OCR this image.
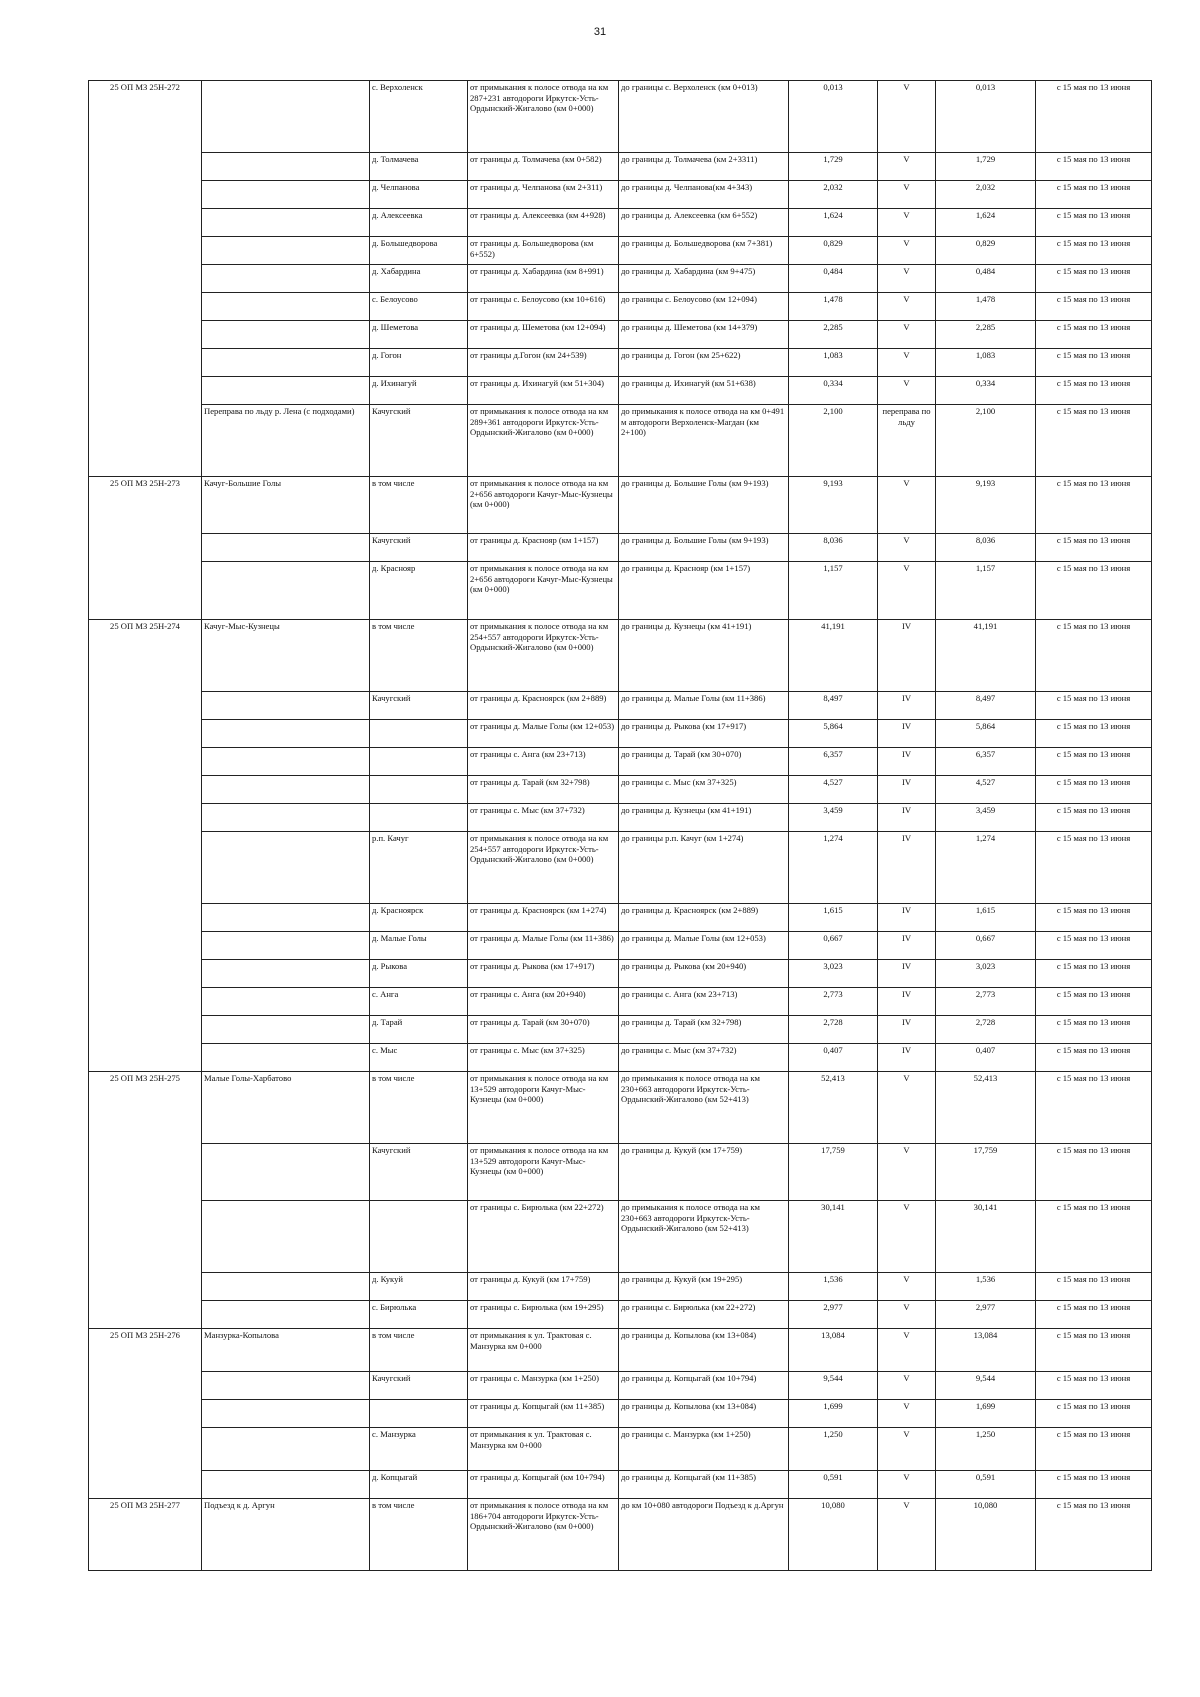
31
25 ОП МЗ 25Н-272		с. Верхоленск	от примыкания к полосе отвода на км 287+231 автодороги Иркутск-Усть-Ордынский-Жигалово (км 0+000)	до границы с. Верхоленск (км 0+013)	0,013	V	0,013	с 15 мая по 13 июня
		д. Толмачева	от границы д. Толмачева (км 0+582)	до границы д. Толмачева (км 2+3311)	1,729	V	1,729	с 15 мая по 13 июня
		д. Челпанова	от границы д. Челпанова (км 2+311)	до границы д. Челпанова(км 4+343)	2,032	V	2,032	с 15 мая по 13 июня
		д. Алексеевка	от границы д. Алексеевка (км 4+928)	до границы д. Алексеевка (км 6+552)	1,624	V	1,624	с 15 мая по 13 июня
		д. Большедворова	от границы д. Большедворова (км 6+552)	до границы д. Большедворова (км 7+381)	0,829	V	0,829	с 15 мая по 13 июня
		д. Хабардина	от границы д. Хабардина (км 8+991)	до границы д. Хабардина (км 9+475)	0,484	V	0,484	с 15 мая по 13 июня
		с. Белоусово	от границы с. Белоусово (км 10+616)	до границы с. Белоусово (км 12+094)	1,478	V	1,478	с 15 мая по 13 июня
		д. Шеметова	от границы д. Шеметова (км 12+094)	до границы д. Шеметова (км 14+379)	2,285	V	2,285	с 15 мая по 13 июня
		д. Гогон	от границы д.Гогон (км 24+539)	до границы д. Гогон (км 25+622)	1,083	V	1,083	с 15 мая по 13 июня
		д. Ихинагуй	от границы д. Ихинагуй (км 51+304)	до границы д. Ихинагуй (км 51+638)	0,334	V	0,334	с 15 мая по 13 июня
	Переправа по льду р. Лена (с подходами)	Качугский	от примыкания к полосе отвода на км 289+361 автодороги Иркутск-Усть-Ордынский-Жигалово (км 0+000)	до примыкания к полосе отвода на км 0+491 м автодороги Верхоленск-Магдан (км 2+100)	2,100	переправа по льду	2,100	с 15 мая по 13 июня
25 ОП МЗ 25Н-273	Качуг-Большие Голы	в том числе	от примыкания к полосе отвода на км 2+656 автодороги Качуг-Мыс-Кузнецы (км 0+000)	до границы д. Большие Голы (км 9+193)	9,193	V	9,193	с 15 мая по 13 июня
		Качугский	от границы д. Краснояр (км 1+157)	до границы д. Большие Голы (км 9+193)	8,036	V	8,036	с 15 мая по 13 июня
		д. Краснояр	от примыкания к полосе отвода на км 2+656 автодороги Качуг-Мыс-Кузнецы (км 0+000)	до границы д. Краснояр (км 1+157)	1,157	V	1,157	с 15 мая по 13 июня
25 ОП МЗ 25Н-274	Качуг-Мыс-Кузнецы	в том числе	от примыкания к полосе отвода на км 254+557 автодороги Иркутск-Усть-Ордынский-Жигалово (км 0+000)	до границы д. Кузнецы (км 41+191)	41,191	IV	41,191	с 15 мая по 13 июня
		Качугский	от границы д. Красноярск (км 2+889)	до границы д. Малые Голы (км 11+386)	8,497	IV	8,497	с 15 мая по 13 июня
			от границы д. Малые Голы (км 12+053)	до границы д. Рыкова (км 17+917)	5,864	IV	5,864	с 15 мая по 13 июня
			от границы с. Анга (км 23+713)	до границы д. Тарай (км 30+070)	6,357	IV	6,357	с 15 мая по 13 июня
			от границы д. Тарай (км 32+798)	до границы с. Мыс (км 37+325)	4,527	IV	4,527	с 15 мая по 13 июня
			от границы с. Мыс (км 37+732)	до границы д. Кузнецы (км 41+191)	3,459	IV	3,459	с 15 мая по 13 июня
		р.п. Качуг	от примыкания к полосе отвода на км 254+557 автодороги Иркутск-Усть-Ордынский-Жигалово (км 0+000)	до границы р.п. Качуг (км 1+274)	1,274	IV	1,274	с 15 мая по 13 июня
		д. Красноярск	от границы д. Красноярск (км 1+274)	до границы д. Красноярск (км 2+889)	1,615	IV	1,615	с 15 мая по 13 июня
		д. Малые Голы	от границы д. Малые Голы (км 11+386)	до границы д. Малые Голы (км 12+053)	0,667	IV	0,667	с 15 мая по 13 июня
		д. Рыкова	от границы д. Рыкова (км 17+917)	до границы д. Рыкова (км 20+940)	3,023	IV	3,023	с 15 мая по 13 июня
		с. Анга	от границы с. Анга (км 20+940)	до границы с. Анга (км 23+713)	2,773	IV	2,773	с 15 мая по 13 июня
		д. Тарай	от границы д. Тарай (км 30+070)	до границы д. Тарай (км 32+798)	2,728	IV	2,728	с 15 мая по 13 июня
		с. Мыс	от границы с. Мыс (км 37+325)	до границы с. Мыс (км 37+732)	0,407	IV	0,407	с 15 мая по 13 июня
25 ОП МЗ 25Н-275	Малые Голы-Харбатово	в том числе	от примыкания к полосе отвода на км 13+529 автодороги Качуг-Мыс-Кузнецы (км 0+000)	до примыкания к полосе отвода на км 230+663 автодороги Иркутск-Усть-Ордынский-Жигалово (км 52+413)	52,413	V	52,413	с 15 мая по 13 июня
		Качугский	от примыкания к полосе отвода на км 13+529 автодороги Качуг-Мыс-Кузнецы (км 0+000)	до границы д. Кукуй (км 17+759)	17,759	V	17,759	с 15 мая по 13 июня
			от границы с. Бирюлька (км 22+272)	до примыкания к полосе отвода на км 230+663 автодороги Иркутск-Усть-Ордынский-Жигалово (км 52+413)	30,141	V	30,141	с 15 мая по 13 июня
		д. Кукуй	от границы д. Кукуй (км 17+759)	до границы д. Кукуй (км 19+295)	1,536	V	1,536	с 15 мая по 13 июня
		с. Бирюлька	от границы с. Бирюлька (км 19+295)	до границы с. Бирюлька (км 22+272)	2,977	V	2,977	с 15 мая по 13 июня
25 ОП МЗ 25Н-276	Манзурка-Копылова	в том числе	от примыкания к ул. Трактовая с. Манзурка км 0+000	до границы д. Копылова (км 13+084)	13,084	V	13,084	с 15 мая по 13 июня
		Качугский	от границы с. Манзурка (км 1+250)	до границы д. Копцыгай (км 10+794)	9,544	V	9,544	с 15 мая по 13 июня
			от границы д. Копцыгай (км 11+385)	до границы д. Копылова (км 13+084)	1,699	V	1,699	с 15 мая по 13 июня
		с. Манзурка	от примыкания к ул. Трактовая с. Манзурка км 0+000	до границы с. Манзурка (км 1+250)	1,250	V	1,250	с 15 мая по 13 июня
		д. Копцыгай	от границы д. Копцыгай (км 10+794)	до границы д. Копцыгай (км 11+385)	0,591	V	0,591	с 15 мая по 13 июня
25 ОП МЗ 25Н-277	Подъезд к д. Аргун	в том числе	от примыкания к полосе отвода на км 186+704 автодороги Иркутск-Усть-Ордынский-Жигалово (км 0+000)	до км 10+080 автодороги Подъезд к д.Аргун	10,080	V	10,080	с 15 мая по 13 июня
